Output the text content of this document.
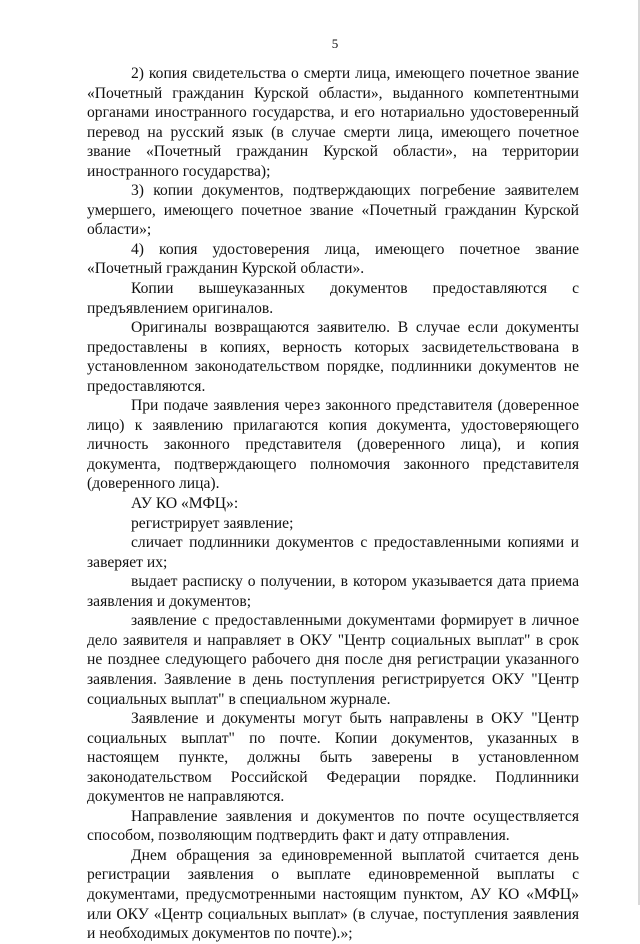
5

2) копия свидетельства о смерти лица, имеющего почетное звание «Почетный гражданин Курской области», выданного компетентными органами иностранного государства, и его нотариально удостоверенный перевод на русский язык (в случае смерти лица, имеющего почетное звание «Почетный гражданин Курской области», на территории иностранного государства);

3) копии документов, подтверждающих погребение заявителем умершего, имеющего почетное звание «Почетный гражданин Курской области»;

4) копия удостоверения лица, имеющего почетное звание «Почетный гражданин Курской области».

Копии вышеуказанных документов предоставляются с предъявлением оригиналов.

Оригиналы возвращаются заявителю. В случае если документы предоставлены в копиях, верность которых засвидетельствована в установленном законодательством порядке, подлинники документов не предоставляются.

При подаче заявления через законного представителя (доверенное лицо) к заявлению прилагаются копия документа, удостоверяющего личность законного представителя (доверенного лица), и копия документа, подтверждающего полномочия законного представителя (доверенного лица).

АУ КО «МФЦ»:

регистрирует заявление;

сличает подлинники документов с предоставленными копиями и заверяет их;

выдает расписку о получении, в котором указывается дата приема заявления и документов;

заявление с предоставленными документами формирует в личное дело заявителя и направляет в ОКУ "Центр социальных выплат" в срок не позднее следующего рабочего дня после дня регистрации указанного заявления. Заявление в день поступления регистрируется ОКУ "Центр социальных выплат" в специальном журнале.

Заявление и документы могут быть направлены в ОКУ "Центр социальных выплат" по почте. Копии документов, указанных в настоящем пункте, должны быть заверены в установленном законодательством Российской Федерации порядке. Подлинники документов не направляются.

Направление заявления и документов по почте осуществляется способом, позволяющим подтвердить факт и дату отправления.

Днем обращения за единовременной выплатой считается день регистрации заявления о выплате единовременной выплаты с документами, предусмотренными настоящим пунктом, АУ КО «МФЦ» или ОКУ «Центр социальных выплат» (в случае, поступления заявления и необходимых документов по почте).»;
